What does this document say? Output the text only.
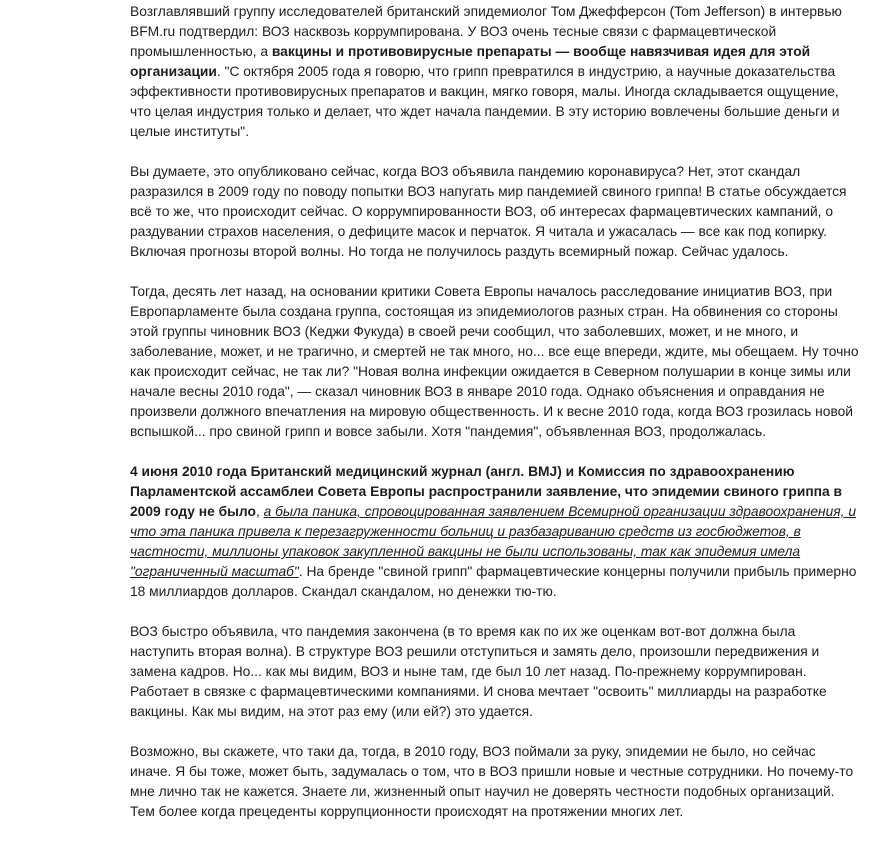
Возглавлявший группу исследователей британский эпидемиолог Том Джефферсон (Tom Jefferson) в интервью BFM.ru подтвердил: ВОЗ насквозь коррумпирована. У ВОЗ очень тесные связи с фармацевтической промышленностью, а вакцины и противовирусные препараты — вообще навязчивая идея для этой организации. "С октября 2005 года я говорю, что грипп превратился в индустрию, а научные доказательства эффективности противовирусных препаратов и вакцин, мягко говоря, малы. Иногда складывается ощущение, что целая индустрия только и делает, что ждет начала пандемии. В эту историю вовлечены большие деньги и целые институты".

Вы думаете, это опубликовано сейчас, когда ВОЗ объявила пандемию коронавируса? Нет, этот скандал разразился в 2009 году по поводу попытки ВОЗ напугать мир пандемией свиного гриппа! В статье обсуждается всё то же, что происходит сейчас. О коррумпированности ВОЗ, об интересах фармацевтических кампаний, о раздувании страхов населения, о дефиците масок и перчаток. Я читала и ужасалась — все как под копирку. Включая прогнозы второй волны. Но тогда не получилось раздуть всемирный пожар. Сейчас удалось.

Тогда, десять лет назад, на основании критики Совета Европы началось расследование инициатив ВОЗ, при Европарламенте была создана группа, состоящая из эпидемиологов разных стран. На обвинения со стороны этой группы чиновник ВОЗ (Кеджи Фукуда) в своей речи сообщил, что заболевших, может, и не много, и заболевание, может, и не трагично, и смертей не так много, но... все еще впереди, ждите, мы обещаем. Ну точно как происходит сейчас, не так ли? "Новая волна инфекции ожидается в Северном полушарии в конце зимы или начале весны 2010 года", — сказал чиновник ВОЗ в январе 2010 года. Однако объяснения и оправдания не произвели должного впечатления на мировую общественность. И к весне 2010 года, когда ВОЗ грозилась новой вспышкой... про свиной грипп и вовсе забыли. Хотя "пандемия", объявленная ВОЗ, продолжалась.

4 июня 2010 года Британский медицинский журнал (англ. BMJ) и Комиссия по здравоохранению Парламентской ассамблеи Совета Европы распространили заявление, что эпидемии свиного гриппа в 2009 году не было, а была паника, спровоцированная заявлением Всемирной организации здравоохранения, и что эта паника привела к перезагруженности больниц и разбазариванию средств из госбюджетов, в частности, миллионы упаковок закупленной вакцины не были использованы, так как эпидемия имела "ограниченный масштаб". На бренде "свиной грипп" фармацевтические концерны получили прибыль примерно 18 миллиардов долларов. Скандал скандалом, но денежки тю-тю.

ВОЗ быстро объявила, что пандемия закончена (в то время как по их же оценкам вот-вот должна была наступить вторая волна). В структуре ВОЗ решили отступиться и замять дело, произошли передвижения и замена кадров. Но... как мы видим, ВОЗ и ныне там, где был 10 лет назад. По-прежнему коррумпирован. Работает в связке с фармацевтическими компаниями. И снова мечтает "освоить" миллиарды на разработке вакцины. Как мы видим, на этот раз ему (или ей?) это удается.

Возможно, вы скажете, что таки да, тогда, в 2010 году, ВОЗ поймали за руку, эпидемии не было, но сейчас иначе. Я бы тоже, может быть, задумалась о том, что в ВОЗ пришли новые и честные сотрудники. Но почему-то мне лично так не кажется. Знаете ли, жизненный опыт научил не доверять честности подобных организаций. Тем более когда прецеденты коррупционности происходят на протяжении многих лет.
